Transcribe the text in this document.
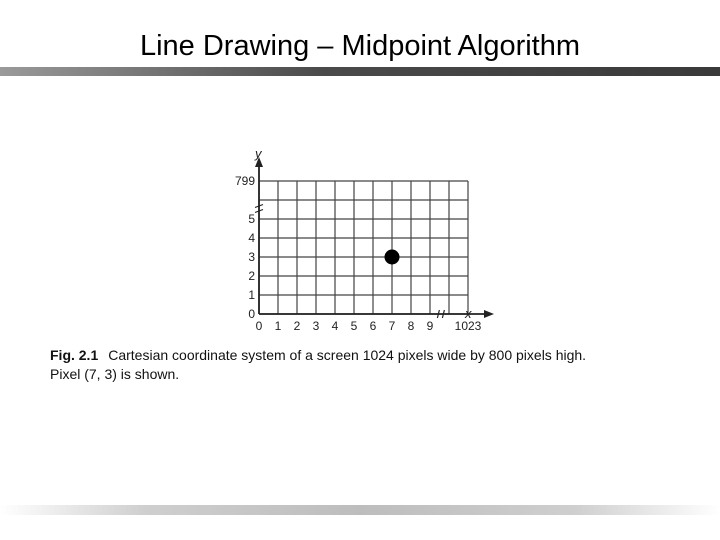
Line Drawing – Midpoint Algorithm
0 1 2 3 4 5 6 7 8 9 1023
0
1
2
3
4
5
799
x
y
Fig. 2.1 Cartesian coordinate system of a screen 1024 pixels wide by 800 pixels high.
Pixel (7, 3) is shown.
